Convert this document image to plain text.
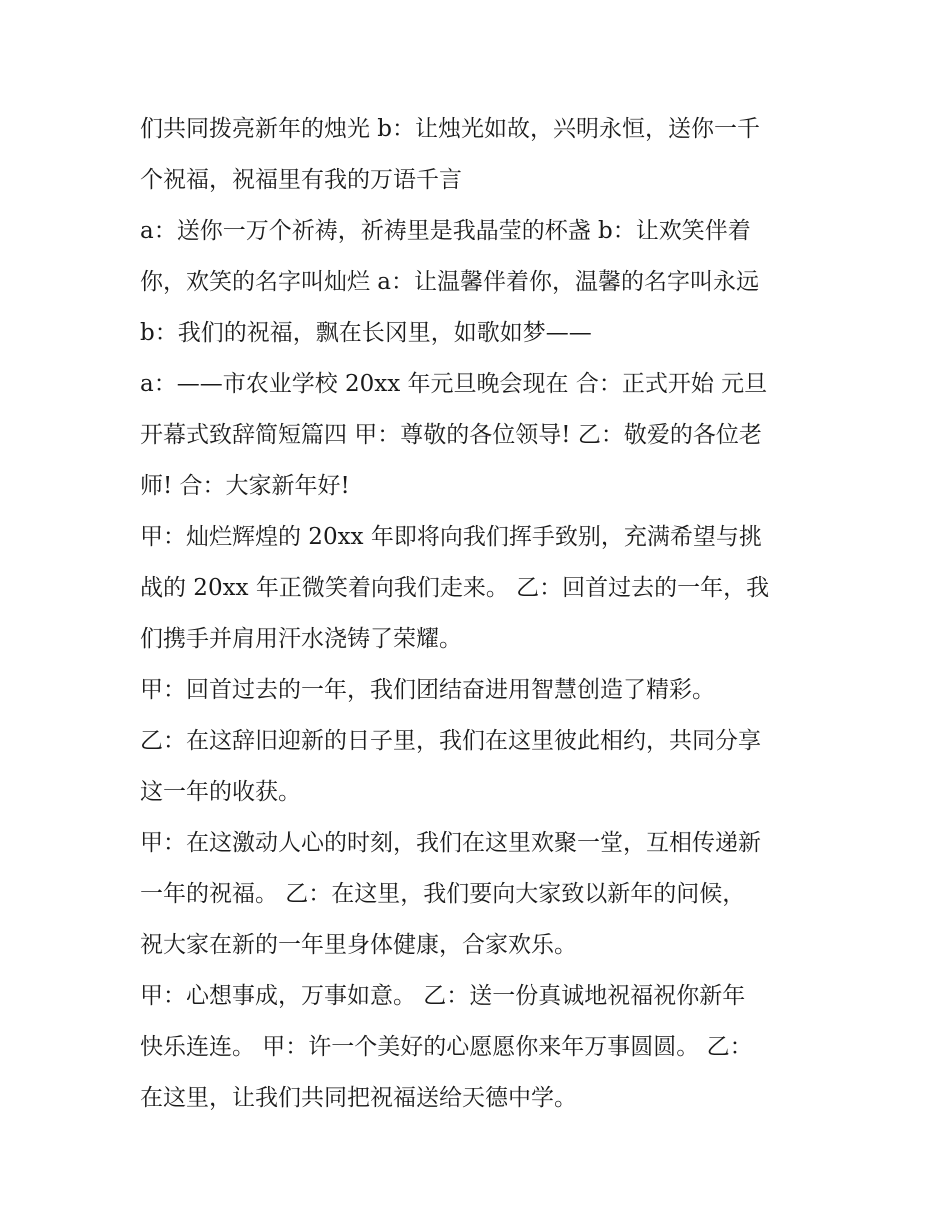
们共同拨亮新年的烛光 b：让烛光如故，兴明永恒，送你一千
个祝福，祝福里有我的万语千言
a：送你一万个祈祷，祈祷里是我晶莹的杯盏 b：让欢笑伴着
你，欢笑的名字叫灿烂 a：让温馨伴着你，温馨的名字叫永远
b：我们的祝福，飘在长冈里，如歌如梦——
a：——市农业学校 20xx 年元旦晚会现在 合：正式开始 元旦
开幕式致辞简短篇四 甲：尊敬的各位领导! 乙：敬爱的各位老
师! 合：大家新年好!
甲：灿烂辉煌的 20xx 年即将向我们挥手致别，充满希望与挑
战的 20xx 年正微笑着向我们走来。 乙：回首过去的一年，我
们携手并肩用汗水浇铸了荣耀。
甲：回首过去的一年，我们团结奋进用智慧创造了精彩。
乙：在这辞旧迎新的日子里，我们在这里彼此相约，共同分享
这一年的收获。
甲：在这激动人心的时刻，我们在这里欢聚一堂，互相传递新
一年的祝福。 乙：在这里，我们要向大家致以新年的问候，
祝大家在新的一年里身体健康，合家欢乐。
甲：心想事成，万事如意。 乙：送一份真诚地祝福祝你新年
快乐连连。 甲：许一个美好的心愿愿你来年万事圆圆。 乙：
在这里，让我们共同把祝福送给天德中学。
